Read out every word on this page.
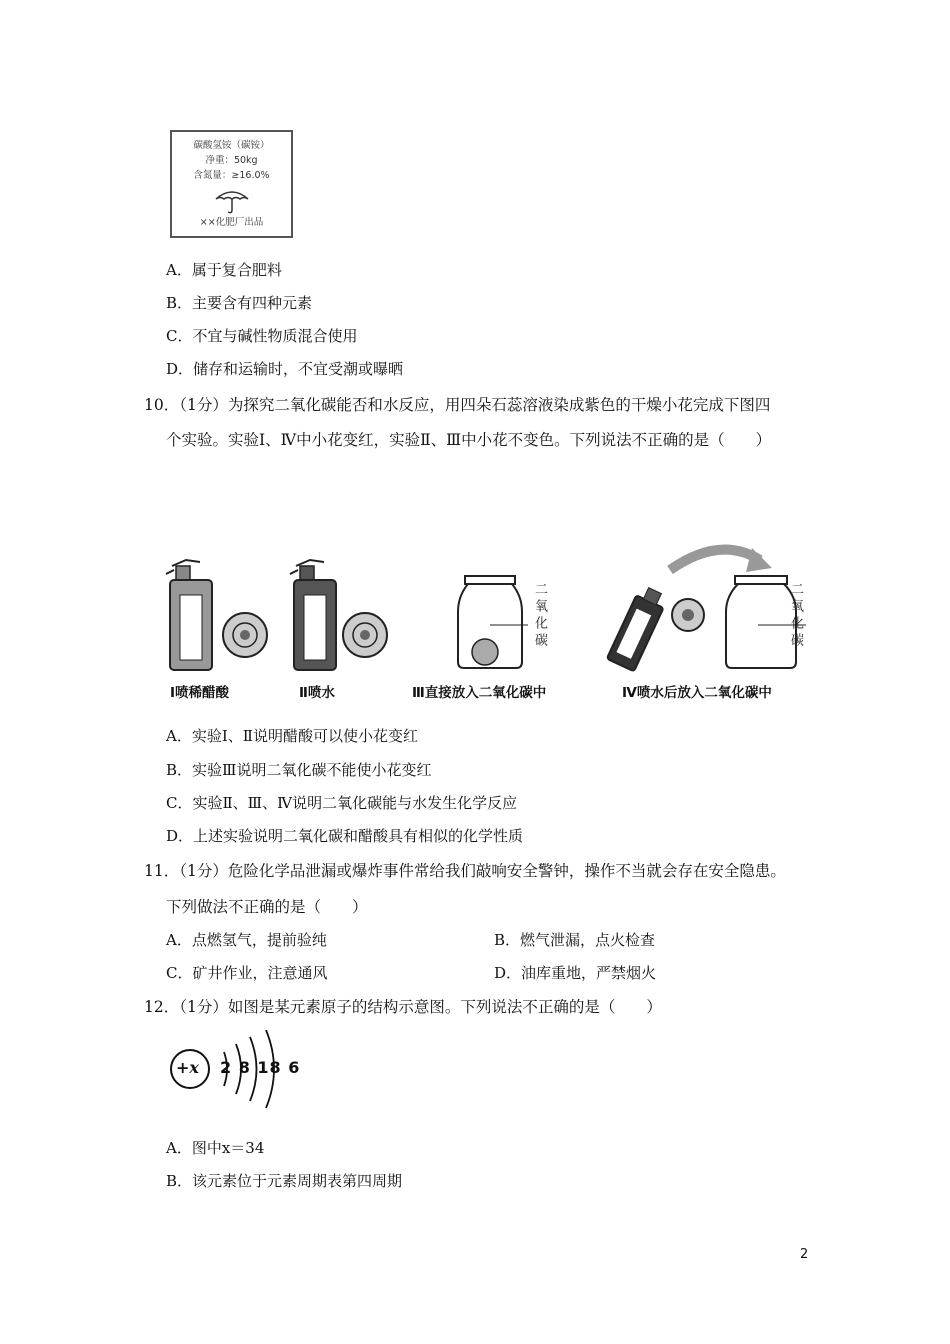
碳酸氢铵（碳铵）
净重：50kg
含氮量：≥16.0%
××化肥厂出品
A．属于复合肥料
B．主要含有四种元素
C．不宜与碱性物质混合使用
D．储存和运输时，不宜受潮或曝晒
10．（1分）为探究二氧化碳能否和水反应，用四朵石蕊溶液染成紫色的干燥小花完成下图四
个实验。实验Ⅰ、Ⅳ中小花变红，实验Ⅱ、Ⅲ中小花不变色。下列说法不正确的是（　　）
二氧化碳	二氧化碳
Ⅰ喷稀醋酸	Ⅱ喷水	Ⅲ直接放入二氧化碳中	Ⅳ喷水后放入二氧化碳中
A．实验Ⅰ、Ⅱ说明醋酸可以使小花变红
B．实验Ⅲ说明二氧化碳不能使小花变红
C．实验Ⅱ、Ⅲ、Ⅳ说明二氧化碳能与水发生化学反应
D．上述实验说明二氧化碳和醋酸具有相似的化学性质
11．（1分）危险化学品泄漏或爆炸事件常给我们敲响安全警钟，操作不当就会存在安全隐患。
下列做法不正确的是（　　）
A．点燃氢气，提前验纯	B．燃气泄漏，点火检查
C．矿井作业，注意通风	D．油库重地，严禁烟火
12．（1分）如图是某元素原子的结构示意图。下列说法不正确的是（　　）
+x 2 8 18 6
A．图中x＝34
B．该元素位于元素周期表第四周期
2
